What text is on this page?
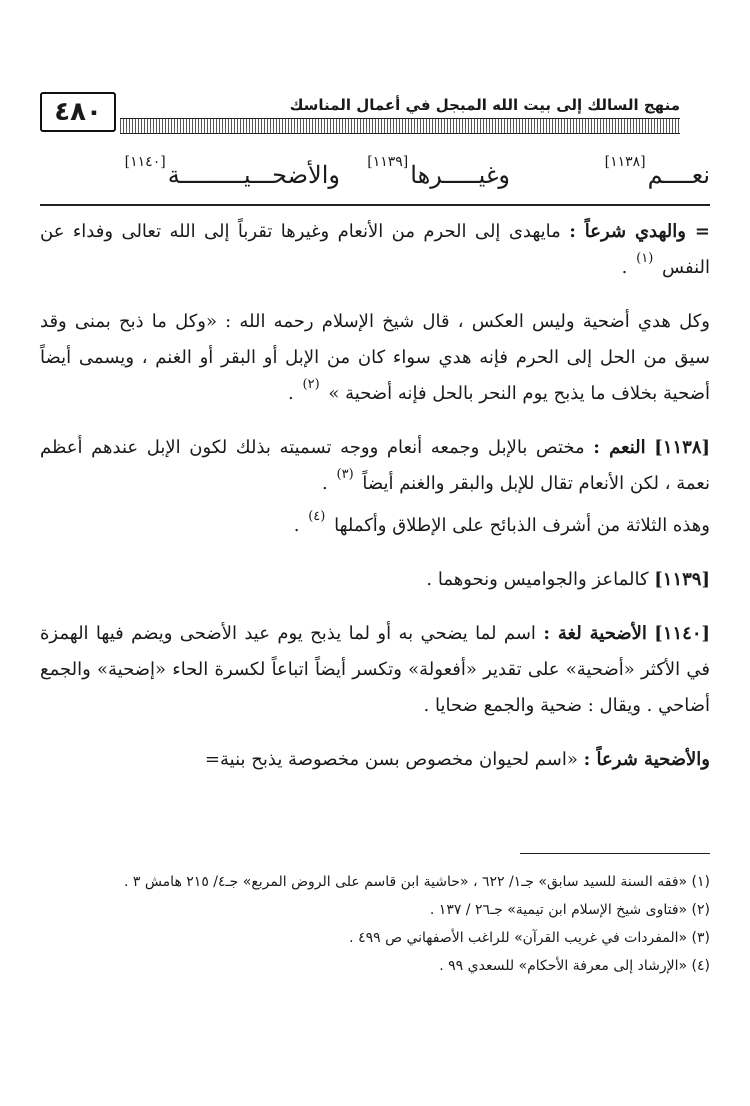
منهج السالك إلى بيت الله المبجل في أعمال المناسك
٤٨٠
نعــــم[١١٣٨]
وغيـــــرها[١١٣٩]
والأضحـــيـــــــــة[١١٤٠]

= والهدي شرعاً : مايهدى إلى الحرم من الأنعام وغيرها تقرباً إلى الله تعالى وفداء عن النفس $^{(١)}$ .

وكل هدي أضحية وليس العكس ، قال شيخ الإسلام رحمه الله : «وكل ما ذبح بمنى وقد سيق من الحل إلى الحرم فإنه هدي سواء كان من الإبل أو البقر أو الغنم ، ويسمى أيضاً أضحية بخلاف ما يذبح يوم النحر بالحل فإنه أضحية » $^{(٢)}$ .

[١١٣٨] النعم : مختص بالإبل وجمعه أنعام ووجه تسميته بذلك لكون الإبل عندهم أعظم نعمة ، لكن الأنعام تقال للإبل والبقر والغنم أيضاً $^{(٣)}$ .

وهذه الثلاثة من أشرف الذبائح على الإطلاق وأكملها $^{(٤)}$ .

[١١٣٩] كالماعز والجواميس ونحوهما .

[١١٤٠] الأضحية لغة : اسم لما يضحي به أو لما يذبح يوم عيد الأضحى ويضم فيها الهمزة في الأكثر «أضحية» على تقدير «أفعولة» وتكسر أيضاً اتباعاً لكسرة الحاء «إضحية» والجمع أضاحي . ويقال : ضحية والجمع ضحايا .

والأضحية شرعاً : «اسم لحيوان مخصوص بسن مخصوصة يذبح بنية=

(١) «فقه السنة للسيد سابق» جـ١/ ٦٢٢ ، «حاشية ابن قاسم على الروض المربع» جـ٤/ ٢١٥ هامش ٣ .

(٢) «فتاوى شيخ الإسلام ابن تيمية» جـ٢٦ / ١٣٧ .

(٣) «المفردات في غريب القرآن» للراغب الأصفهاني ص ٤٩٩ .

(٤) «الإرشاد إلى معرفة الأحكام» للسعدي ٩٩ .
